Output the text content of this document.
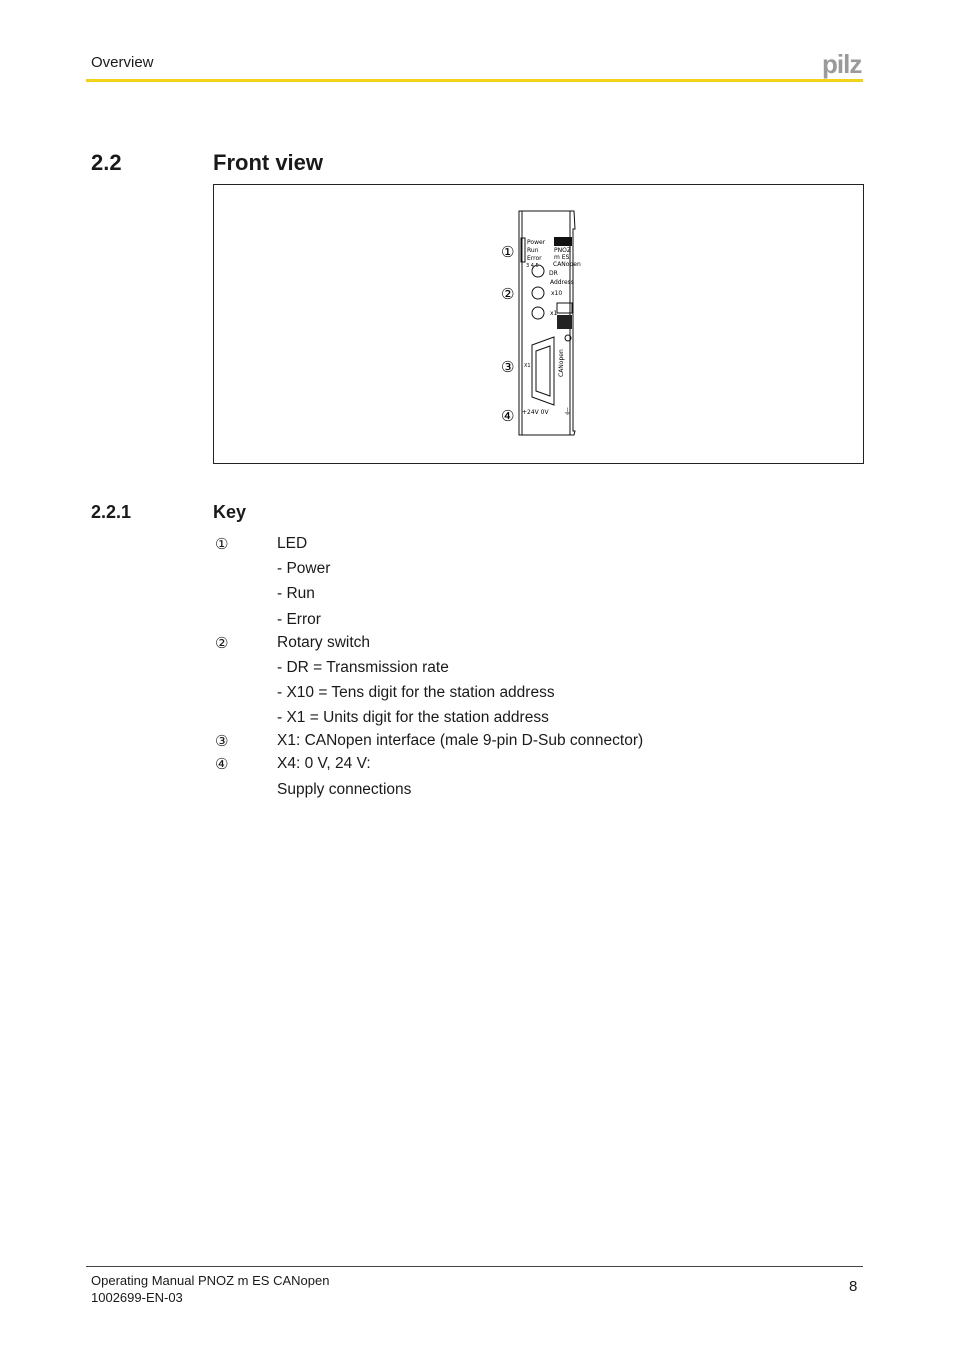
Overview	pilz
2.2	Front view
Power
Run
Error
PNOZ
m ES
CANopen
DR
Address
x10
x1
3 4 5
X1	CANopen
+24V 0V ⏚
①
②
③
④
2.2.1	Key
①	LED
- Power
- Run
- Error
②	Rotary switch
- DR = Transmission rate
- X10 = Tens digit for the station address
- X1 = Units digit for the station address
③	X1: CANopen interface (male 9-pin D-Sub connector)
④	X4: 0 V, 24 V:
Supply connections
Operating Manual PNOZ m ES CANopen
1002699-EN-03
8
